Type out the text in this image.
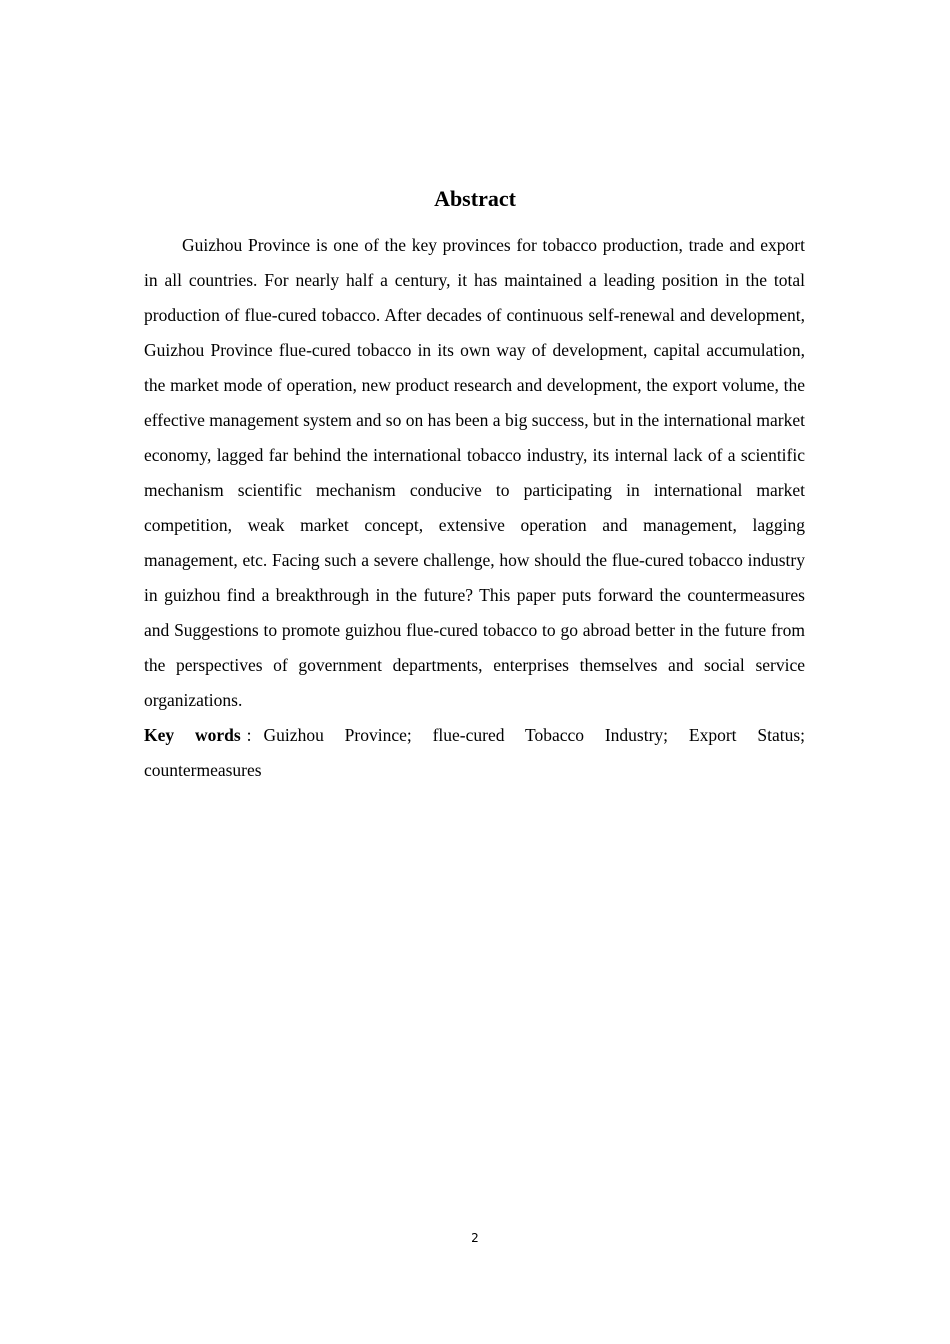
Abstract

Guizhou Province is one of the key provinces for tobacco production, trade and export in all countries. For nearly half a century, it has maintained a leading position in the total production of flue-cured tobacco. After decades of continuous self-renewal and development, Guizhou Province flue-cured tobacco in its own way of development, capital accumulation, the market mode of operation, new product research and development, the export volume, the effective management system and so on has been a big success, but in the international market economy, lagged far behind the international tobacco industry, its internal lack of a scientific mechanism scientific mechanism conducive to participating in international market competition, weak market concept, extensive operation and management, lagging management, etc. Facing such a severe challenge, how should the flue-cured tobacco industry in guizhou find a breakthrough in the future? This paper puts forward the countermeasures and Suggestions to promote guizhou flue-cured tobacco to go abroad better in the future from the perspectives of government departments, enterprises themselves and social service organizations.

Key words : Guizhou Province; flue-cured Tobacco Industry; Export Status; countermeasures

2
